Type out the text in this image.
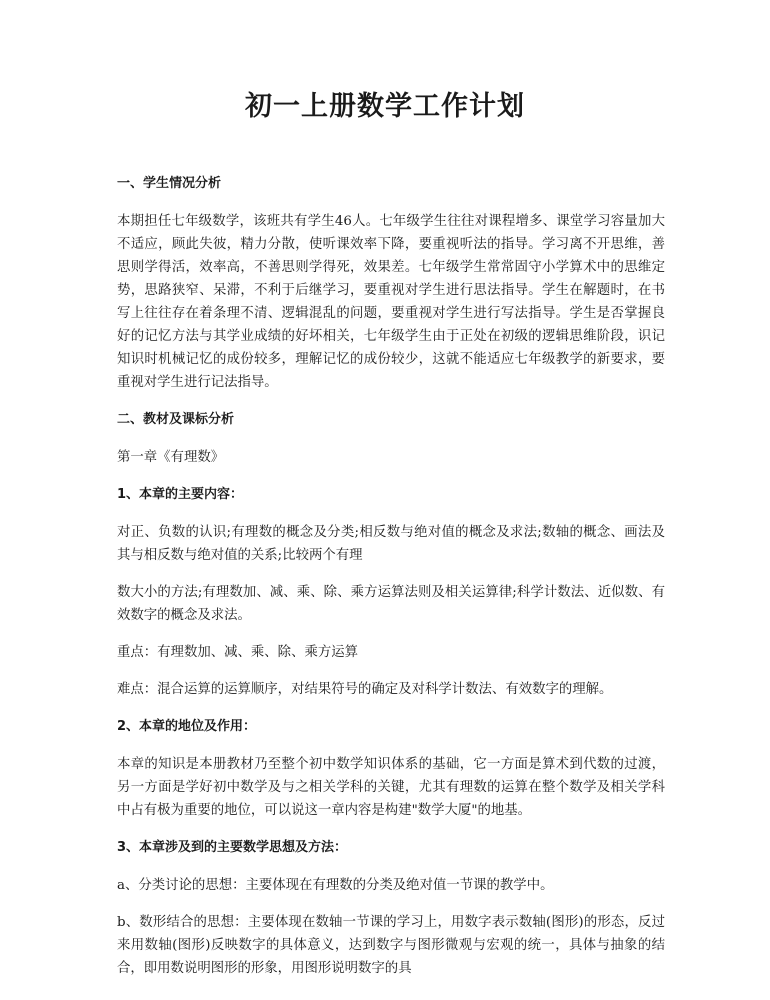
初一上册数学工作计划
一、学生情况分析
本期担任七年级数学，该班共有学生46人。七年级学生往往对课程增多、课堂学习容量加大不适应，顾此失彼，精力分散，使听课效率下降，要重视听法的指导。学习离不开思维，善思则学得活，效率高，不善思则学得死，效果差。七年级学生常常固守小学算术中的思维定势，思路狭窄、呆滞，不利于后继学习，要重视对学生进行思法指导。学生在解题时，在书写上往往存在着条理不清、逻辑混乱的问题，要重视对学生进行写法指导。学生是否掌握良好的记忆方法与其学业成绩的好坏相关，七年级学生由于正处在初级的逻辑思维阶段，识记知识时机械记忆的成份较多，理解记忆的成份较少，这就不能适应七年级教学的新要求，要重视对学生进行记法指导。
二、教材及课标分析
第一章《有理数》
1、本章的主要内容：
对正、负数的认识;有理数的概念及分类;相反数与绝对值的概念及求法;数轴的概念、画法及其与相反数与绝对值的关系;比较两个有理
数大小的方法;有理数加、减、乘、除、乘方运算法则及相关运算律;科学计数法、近似数、有效数字的概念及求法。
重点：有理数加、减、乘、除、乘方运算
难点：混合运算的运算顺序，对结果符号的确定及对科学计数法、有效数字的理解。
2、本章的地位及作用：
本章的知识是本册教材乃至整个初中数学知识体系的基础，它一方面是算术到代数的过渡，另一方面是学好初中数学及与之相关学科的关键，尤其有理数的运算在整个数学及相关学科中占有极为重要的地位，可以说这一章内容是构建"数学大厦"的地基。
3、本章涉及到的主要数学思想及方法：
a、分类讨论的思想：主要体现在有理数的分类及绝对值一节课的教学中。
b、数形结合的思想：主要体现在数轴一节课的学习上，用数字表示数轴(图形)的形态，反过来用数轴(图形)反映数字的具体意义，达到数字与图形微观与宏观的统一，具体与抽象的结合，即用数说明图形的形象，用图形说明数字的具
